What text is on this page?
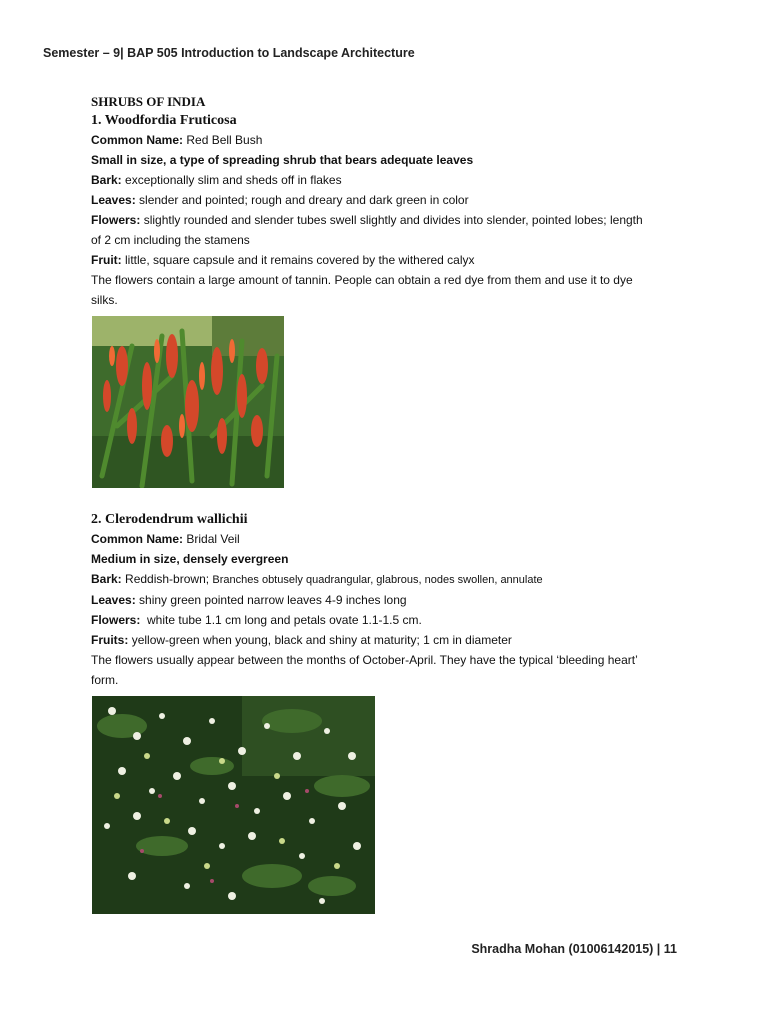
Semester – 9| BAP 505 Introduction to Landscape Architecture

SHRUBS OF INDIA

1. Woodfordia Fruticosa

Common Name: Red Bell Bush

Small in size, a type of spreading shrub that bears adequate leaves

Bark: exceptionally slim and sheds off in flakes

Leaves: slender and pointed; rough and dreary and dark green in color

Flowers: slightly rounded and slender tubes swell slightly and divides into slender, pointed lobes; length

of 2 cm including the stamens

Fruit: little, square capsule and it remains covered by the withered calyx

The flowers contain a large amount of tannin. People can obtain a red dye from them and use it to dye

silks.

2. Clerodendrum wallichii

Common Name: Bridal Veil

Medium in size, densely evergreen

Bark: Reddish-brown; Branches obtusely quadrangular, glabrous, nodes swollen, annulate

Leaves: shiny green pointed narrow leaves 4-9 inches long

Flowers: white tube 1.1 cm long and petals ovate 1.1-1.5 cm.

Fruits: yellow-green when young, black and shiny at maturity; 1 cm in diameter

The flowers usually appear between the months of October-April. They have the typical ‘bleeding heart’

form.

Shradha Mohan (01006142015) | 11
